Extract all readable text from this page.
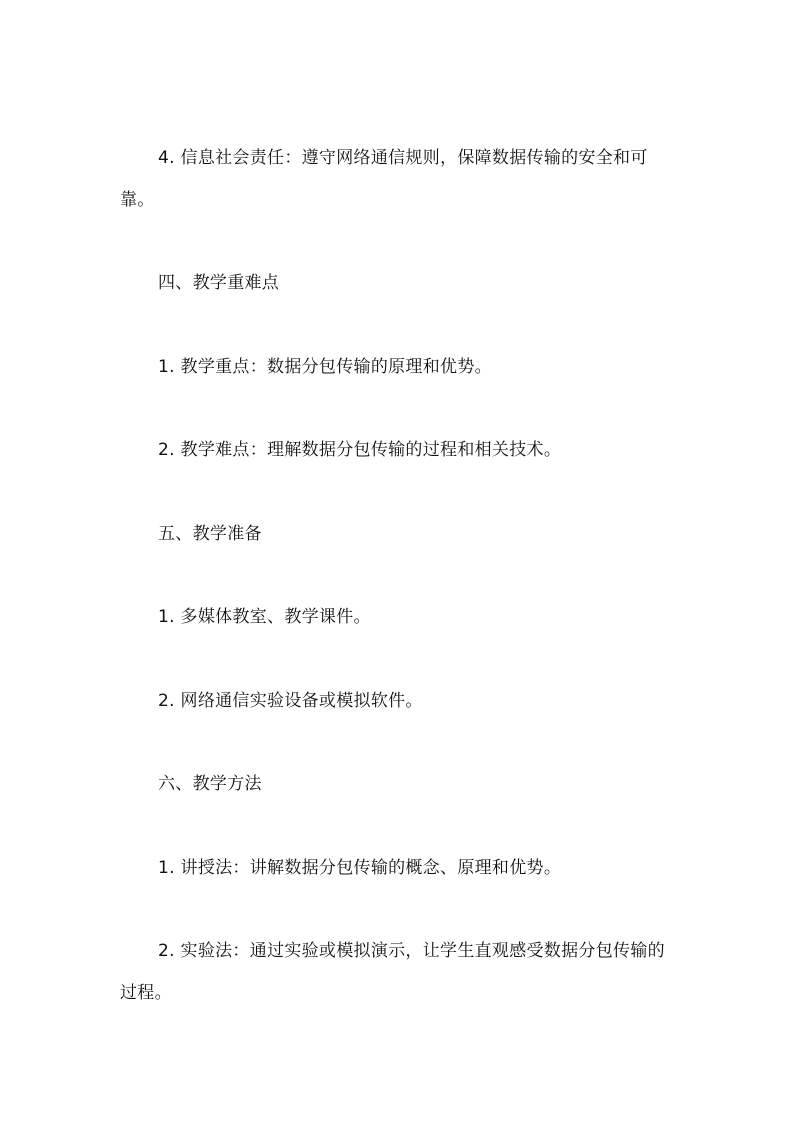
4. 信息社会责任：遵守网络通信规则，保障数据传输的安全和可靠。

四、教学重难点

1. 教学重点：数据分包传输的原理和优势。

2. 教学难点：理解数据分包传输的过程和相关技术。

五、教学准备

1. 多媒体教室、教学课件。

2. 网络通信实验设备或模拟软件。

六、教学方法

1. 讲授法：讲解数据分包传输的概念、原理和优势。

2. 实验法：通过实验或模拟演示，让学生直观感受数据分包传输的过程。
